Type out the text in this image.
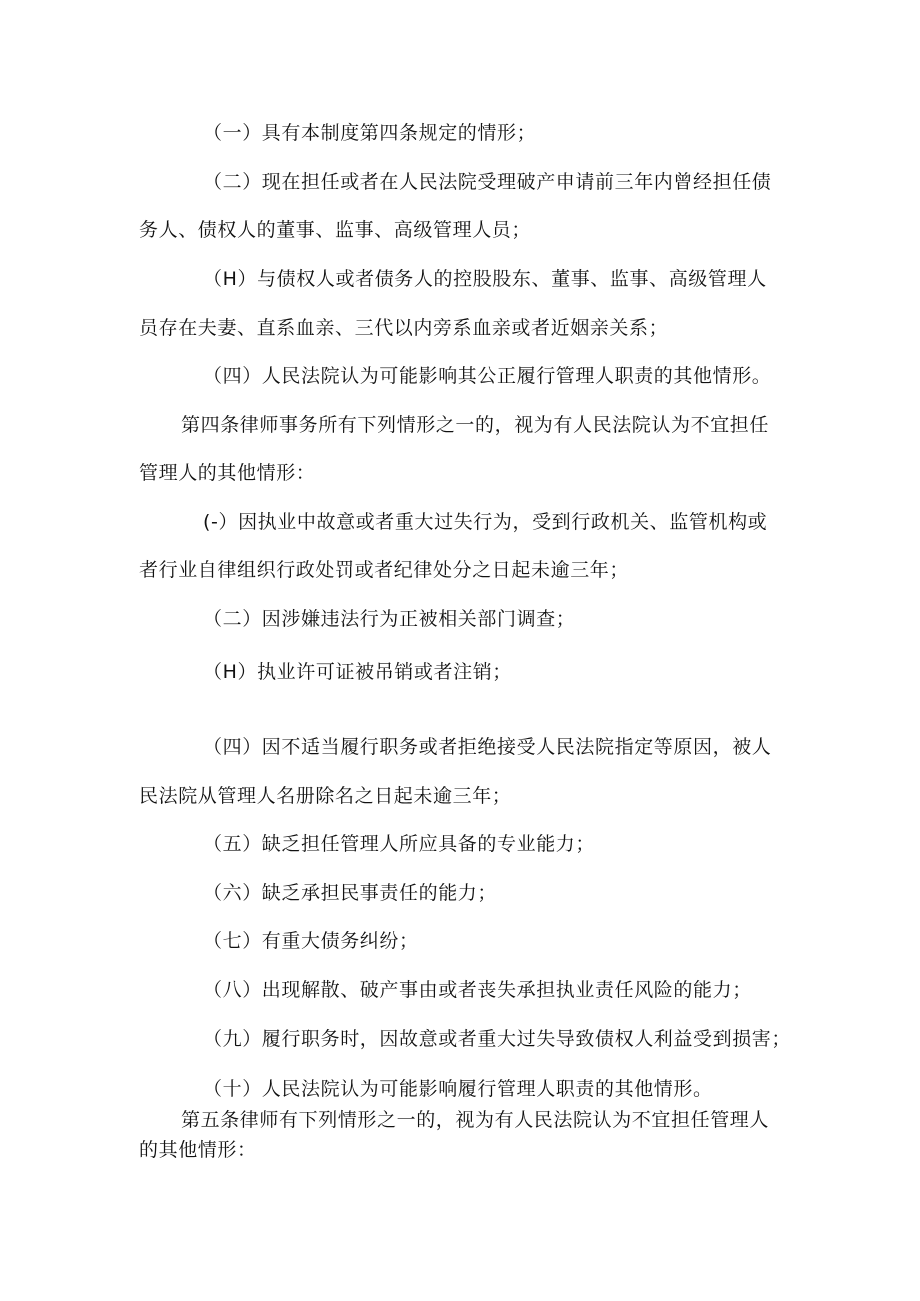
（一）具有本制度第四条规定的情形；
（二）现在担任或者在人民法院受理破产申请前三年内曾经担任债
务人、债权人的董事、监事、高级管理人员；
（H）与债权人或者债务人的控股股东、董事、监事、高级管理人
员存在夫妻、直系血亲、三代以内旁系血亲或者近姻亲关系；
（四）人民法院认为可能影响其公正履行管理人职责的其他情形。
第四条律师事务所有下列情形之一的，视为有人民法院认为不宜担任
管理人的其他情形：
(-）因执业中故意或者重大过失行为，受到行政机关、监管机构或
者行业自律组织行政处罚或者纪律处分之日起未逾三年；
（二）因涉嫌违法行为正被相关部门调查；
（H）执业许可证被吊销或者注销；
（四）因不适当履行职务或者拒绝接受人民法院指定等原因，被人
民法院从管理人名册除名之日起未逾三年；
（五）缺乏担任管理人所应具备的专业能力；
（六）缺乏承担民事责任的能力；
（七）有重大债务纠纷；
（八）出现解散、破产事由或者丧失承担执业责任风险的能力；
（九）履行职务时，因故意或者重大过失导致债权人利益受到损害；
（十）人民法院认为可能影响履行管理人职责的其他情形。
第五条律师有下列情形之一的，视为有人民法院认为不宜担任管理人
的其他情形：
